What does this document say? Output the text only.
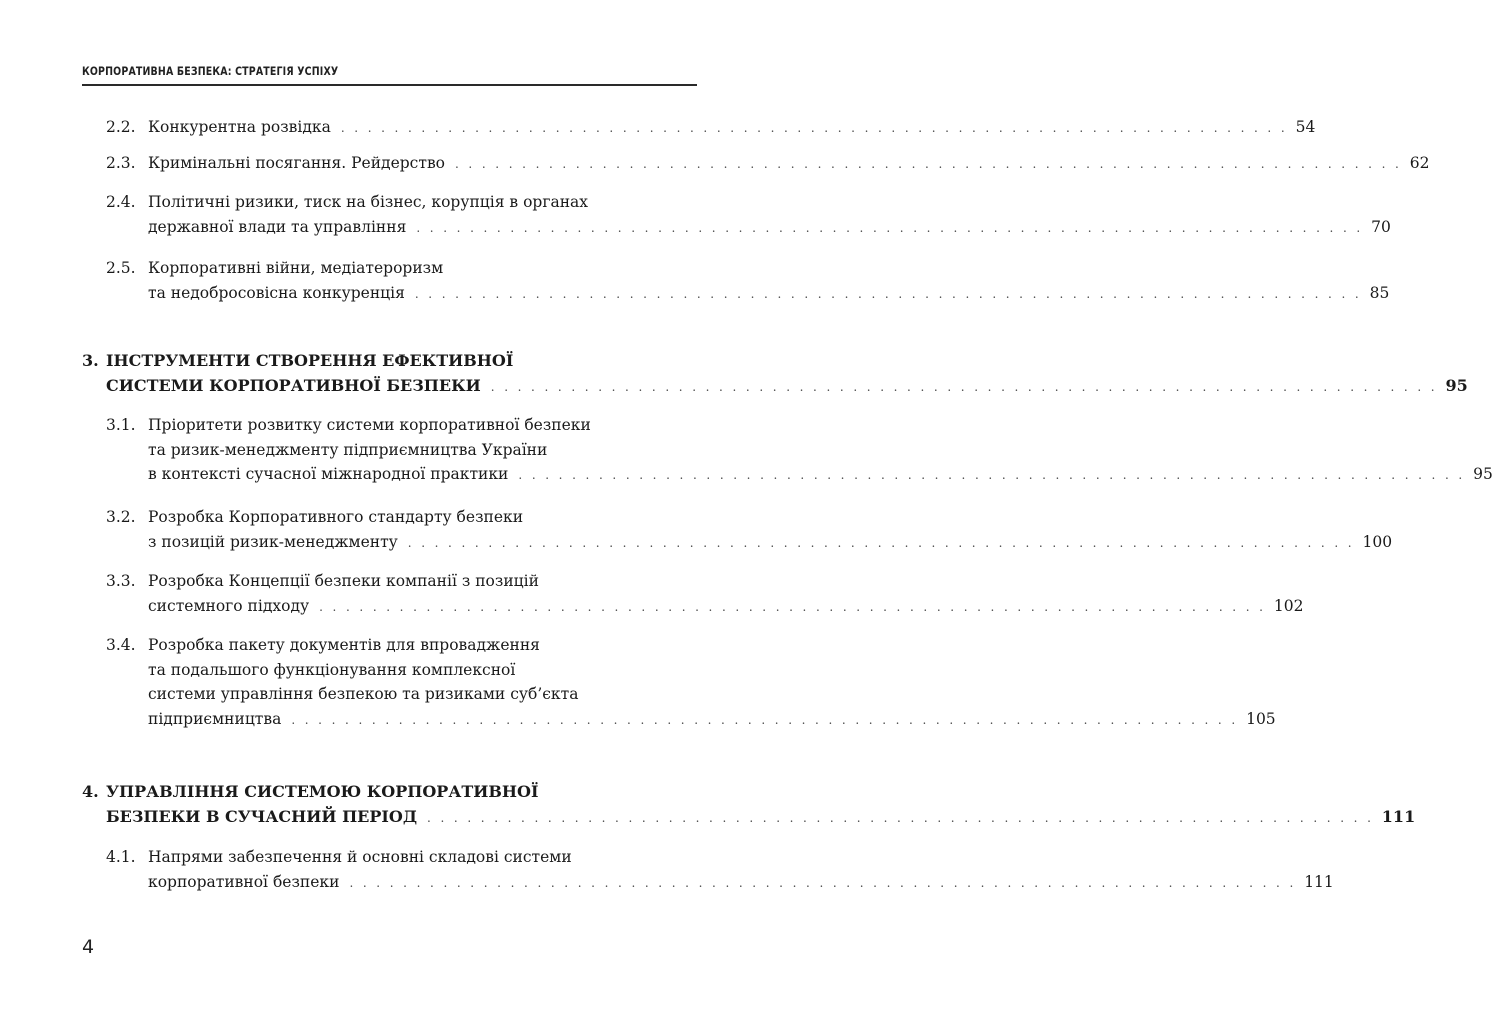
КОРПОРАТИВНА БЕЗПЕКА: СТРАТЕГІЯ УСПІХУ
2.2. Конкурентна розвідка . . . . . . . . . . . . . . . . . . . . . . . . . . . . . . . . . . . . . . . . . . . . . . . . . . . . . . . . . . . . . . . . . . . . . . . 54
2.3. Кримінальні посягання. Рейдерство . . . . . . . . . . . . . . . . . . . . . . . . . . . . . . . . . . . . . . . . . . . . . . . . . . . . . . . . . . . . . . . . . . . . . . . 62
2.4. Політичні ризики, тиск на бізнес, корупція в органах
державної влади та управління . . . . . . . . . . . . . . . . . . . . . . . . . . . . . . . . . . . . . . . . . . . . . . . . . . . . . . . . . . . . . . . . . . . . . . . 70
2.5. Корпоративні війни, медіатероризм
та недобросовісна конкуренція . . . . . . . . . . . . . . . . . . . . . . . . . . . . . . . . . . . . . . . . . . . . . . . . . . . . . . . . . . . . . . . . . . . . . . . 85
3. ІНСТРУМЕНТИ СТВОРЕННЯ ЕФЕКТИВНОЇ
СИСТЕМИ КОРПОРАТИВНОЇ БЕЗПЕКИ . . . . . . . . . . . . . . . . . . . . . . . . . . . . . . . . . . . . . . . . . . . . . . . . . . . . . . . . . . . . . . . . . . . . . . . 95
3.1. Пріоритети розвитку системи корпоративної безпеки
та ризик-менеджменту підприємництва України
в контексті сучасної міжнародної практики . . . . . . . . . . . . . . . . . . . . . . . . . . . . . . . . . . . . . . . . . . . . . . . . . . . . . . . . . . . . . . . . . . . . . . . 95
3.2. Розробка Корпоративного стандарту безпеки
з позицій ризик-менеджменту . . . . . . . . . . . . . . . . . . . . . . . . . . . . . . . . . . . . . . . . . . . . . . . . . . . . . . . . . . . . . . . . . . . . . . . 100
3.3. Розробка Концепції безпеки компанії з позицій
системного підходу . . . . . . . . . . . . . . . . . . . . . . . . . . . . . . . . . . . . . . . . . . . . . . . . . . . . . . . . . . . . . . . . . . . . . . . 102
3.4. Розробка пакету документів для впровадження
та подальшого функціонування комплексної
системи управління безпекою та ризиками суб’єкта
підприємництва . . . . . . . . . . . . . . . . . . . . . . . . . . . . . . . . . . . . . . . . . . . . . . . . . . . . . . . . . . . . . . . . . . . . . . . 105
4. УПРАВЛІННЯ СИСТЕМОЮ КОРПОРАТИВНОЇ
БЕЗПЕКИ В СУЧАСНИЙ ПЕРІОД . . . . . . . . . . . . . . . . . . . . . . . . . . . . . . . . . . . . . . . . . . . . . . . . . . . . . . . . . . . . . . . . . . . . . . . 111
4.1. Напрями забезпечення й основні складові системи
корпоративної безпеки . . . . . . . . . . . . . . . . . . . . . . . . . . . . . . . . . . . . . . . . . . . . . . . . . . . . . . . . . . . . . . . . . . . . . . . 111
4
